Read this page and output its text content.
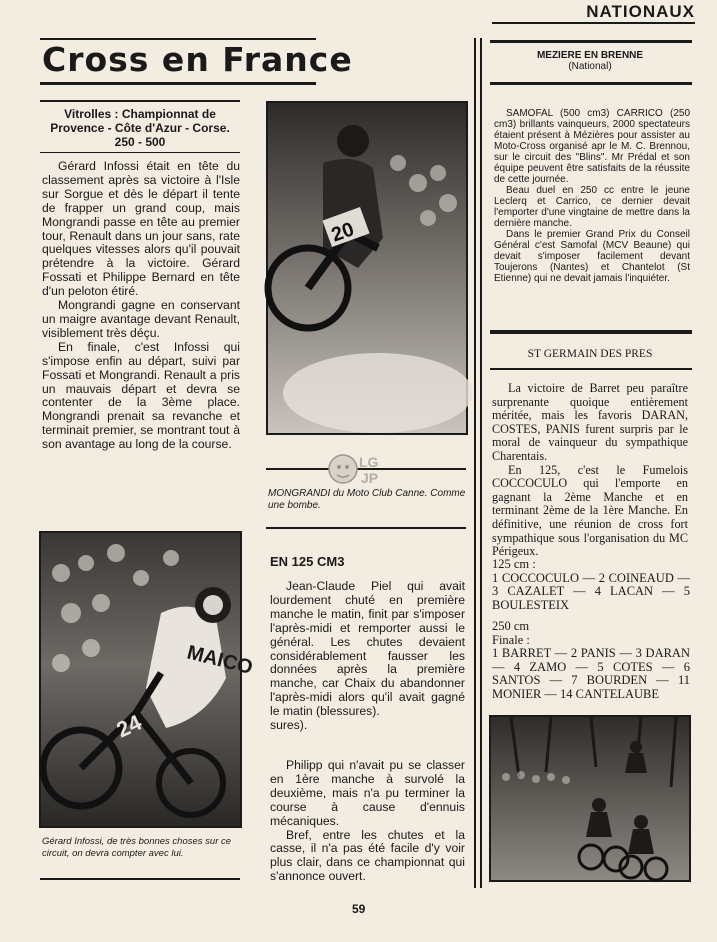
NATIONAUX
Cross en France
Vitrolles : Championnat de Provence - Côte d'Azur - Corse. 250 - 500

Gérard Infossi était en tête du classement après sa victoire à l'Isle sur Sorgue et dès le départ il tente de frapper un grand coup, mais Mongrandi passe en tête au premier tour, Renault dans un jour sans, rate quelques vitesses alors qu'il pouvait prétendre à la victoire. Gérard Fossati et Philippe Bernard en tête d'un peloton étiré.

Mongrandi gagne en conservant un maigre avantage devant Renault, visiblement très déçu.

En finale, c'est Infossi qui s'impose enfin au départ, suivi par Fossati et Mongrandi. Renault a pris un mauvais départ et devra se contenter de la 3ème place. Mongrandi prenait sa revanche et terminait premier, se montrant tout à son avantage au long de la course.

MAICO
24
Gérard Infossi, de très bonnes choses sur ce circuit, on devra compter avec lui.
20
LG
JP
MONGRANDI du Moto Club Canne. Comme une bombe.
EN 125 CM3

Jean-Claude Piel qui avait lourdement chuté en première manche le matin, finit par s'imposer l'après-midi et remporter aussi le général. Les chutes devaient considérablement fausser les données après la première manche, car Chaix du abandonner l'après-midi alors qu'il avait gagné le matin (blessures).

sures).

Philipp qui n'avait pu se classer en 1ère manche à survolé la deuxième, mais n'a pu terminer la course à cause d'ennuis mécaniques.

Bref, entre les chutes et la casse, il n'a pas été facile d'y voir plus clair, dans ce championnat qui s'annonce ouvert.

MEZIERE EN BRENNE
(National)

SAMOFAL (500 cm3) CARRICO (250 cm3) brillants vainqueurs, 2000 spectateurs étaient présent à Mézières pour assister au Moto-Cross organisé apr le M. C. Brennou, sur le circuit des "Blins". Mr Prédal et son équipe peuvent être satisfaits de la réussite de cette journée.

Beau duel en 250 cc entre le jeune Leclerq et Carrico, ce dernier devait l'emporter d'une vingtaine de mettre dans la dernière manche.

Dans le premier Grand Prix du Conseil Général c'est Samofal (MCV Beaune) qui devait s'imposer facilement devant Toujerons (Nantes) et Chantelot (St Etienne) qui ne devait jamais l'inquiéter.

ST GERMAIN DES PRES

La victoire de Barret peu paraître surprenante quoique entièrement méritée, mais les favoris DARAN, COSTES, PANIS furent surpris par le moral de vainqueur du sympathique Charentais.

En 125, c'est le Fumelois COCCOCULO qui l'emporte en gagnant la 2ème Manche et en terminant 2ème de la 1ère Manche. En définitive, une réunion de cross fort sympathique sous l'organisation du MC Périgeux.

125 cm :
1 COCCOCULO — 2 COINEAUD — 3 CAZALET — 4 LACAN — 5 BOULESTEIX
250 cm
Finale :
1 BARRET — 2 PANIS — 3 DARAN — 4 ZAMO — 5 COTES — 6 SANTOS — 7 BOURDEN — 11 MONIER — 14 CANTELAUBE
59
